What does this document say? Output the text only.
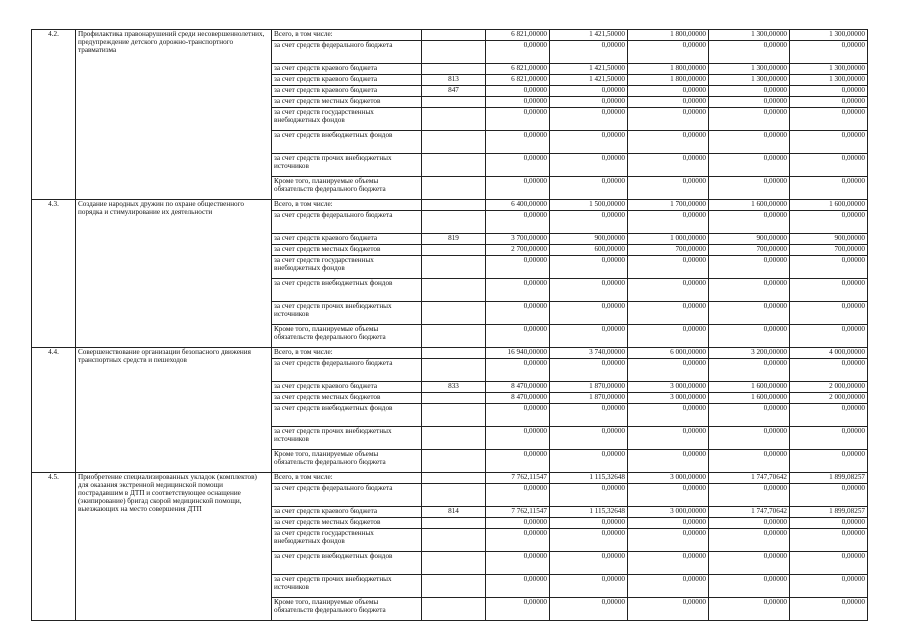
4.2.	Профилактика правонарушений среди несовершеннолетних, предупреждение детского дорожно-транспортного травматизма	Всего, в том числе:		6 821,00000	1 421,50000	1 800,00000	1 300,00000	1 300,00000
		за счет средств федерального бюджета		0,00000	0,00000	0,00000	0,00000	0,00000
		за счет средств краевого бюджета		6 821,00000	1 421,50000	1 800,00000	1 300,00000	1 300,00000
		за счет средств краевого бюджета	813	6 821,00000	1 421,50000	1 800,00000	1 300,00000	1 300,00000
		за счет средств краевого бюджета	847	0,00000	0,00000	0,00000	0,00000	0,00000
		за счет средств местных бюджетов		0,00000	0,00000	0,00000	0,00000	0,00000
		за счет средств государственных внебюджетных фондов		0,00000	0,00000	0,00000	0,00000	0,00000
		за счет средств внебюджетных фондов		0,00000	0,00000	0,00000	0,00000	0,00000
		за счет средств прочих внебюджетных источников		0,00000	0,00000	0,00000	0,00000	0,00000
		Кроме того, планируемые объемы обязательств федерального бюджета		0,00000	0,00000	0,00000	0,00000	0,00000
4.3.	Создание народных дружин по охране общественного порядка и стимулирование их деятельности	Всего, в том числе:		6 400,00000	1 500,00000	1 700,00000	1 600,00000	1 600,00000
		за счет средств федерального бюджета		0,00000	0,00000	0,00000	0,00000	0,00000
		за счет средств краевого бюджета	819	3 700,00000	900,00000	1 000,00000	900,00000	900,00000
		за счет средств местных бюджетов		2 700,00000	600,00000	700,00000	700,00000	700,00000
		за счет средств государственных внебюджетных фондов		0,00000	0,00000	0,00000	0,00000	0,00000
		за счет средств внебюджетных фондов		0,00000	0,00000	0,00000	0,00000	0,00000
		за счет средств прочих внебюджетных источников		0,00000	0,00000	0,00000	0,00000	0,00000
		Кроме того, планируемые объемы обязательств федерального бюджета		0,00000	0,00000	0,00000	0,00000	0,00000
4.4.	Совершенствование организации безопасного движения транспортных средств и пешеходов	Всего, в том числе:		16 940,00000	3 740,00000	6 000,00000	3 200,00000	4 000,00000
		за счет средств федерального бюджета		0,00000	0,00000	0,00000	0,00000	0,00000
		за счет средств краевого бюджета	833	8 470,00000	1 870,00000	3 000,00000	1 600,00000	2 000,00000
		за счет средств местных бюджетов		8 470,00000	1 870,00000	3 000,00000	1 600,00000	2 000,00000
		за счет средств внебюджетных фондов		0,00000	0,00000	0,00000	0,00000	0,00000
		за счет средств прочих внебюджетных источников		0,00000	0,00000	0,00000	0,00000	0,00000
		Кроме того, планируемые объемы обязательств федерального бюджета		0,00000	0,00000	0,00000	0,00000	0,00000
4.5.	Приобретение специализированных укладок (комплектов) для оказания экстренной медицинской помощи пострадавшим в ДТП и соответствующее оснащение (экипирование) бригад скорой медицинской помощи, выезжающих на место совершения ДТП	Всего, в том числе:		7 762,11547	1 115,32648	3 000,00000	1 747,70642	1 899,08257
		за счет средств федерального бюджета		0,00000	0,00000	0,00000	0,00000	0,00000
		за счет средств краевого бюджета	814	7 762,11547	1 115,32648	3 000,00000	1 747,70642	1 899,08257
		за счет средств местных бюджетов		0,00000	0,00000	0,00000	0,00000	0,00000
		за счет средств государственных внебюджетных фондов		0,00000	0,00000	0,00000	0,00000	0,00000
		за счет средств внебюджетных фондов		0,00000	0,00000	0,00000	0,00000	0,00000
		за счет средств прочих внебюджетных источников		0,00000	0,00000	0,00000	0,00000	0,00000
		Кроме того, планируемые объемы обязательств федерального бюджета		0,00000	0,00000	0,00000	0,00000	0,00000
